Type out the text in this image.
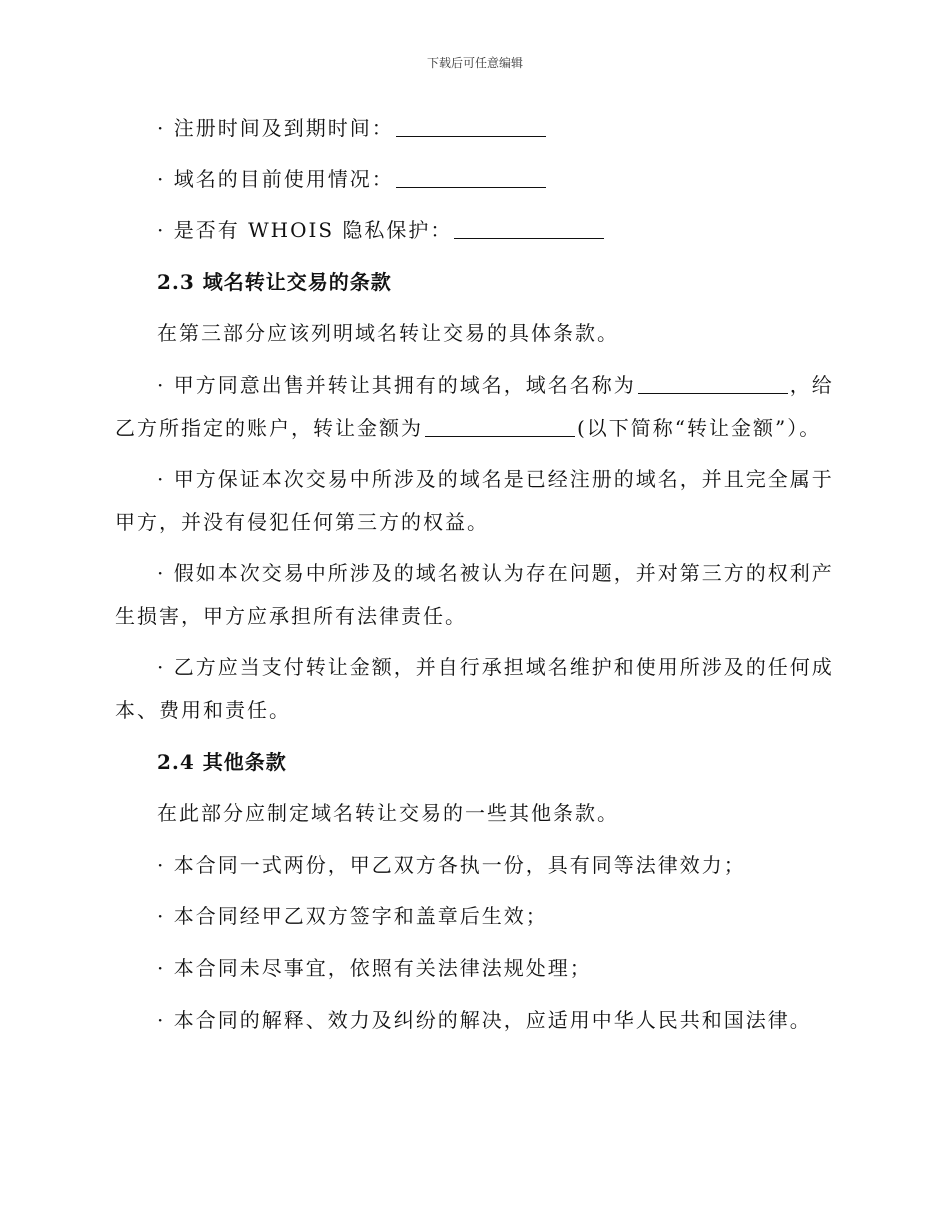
下载后可任意编辑
· 注册时间及到期时间：
· 域名的目前使用情况：
· 是否有 WHOIS 隐私保护：
2.3 域名转让交易的条款
在第三部分应该列明域名转让交易的具体条款。
· 甲方同意出售并转让其拥有的域名，域名名称为	，给
乙方所指定的账户，转让金额为	(以下简称“转让金额”）。
· 甲方保证本次交易中所涉及的域名是已经注册的域名，并且完全属于
甲方，并没有侵犯任何第三方的权益。
· 假如本次交易中所涉及的域名被认为存在问题，并对第三方的权利产
生损害，甲方应承担所有法律责任。
· 乙方应当支付转让金额，并自行承担域名维护和使用所涉及的任何成
本、费用和责任。
2.4 其他条款
在此部分应制定域名转让交易的一些其他条款。
· 本合同一式两份，甲乙双方各执一份，具有同等法律效力；
· 本合同经甲乙双方签字和盖章后生效；
· 本合同未尽事宜，依照有关法律法规处理；
· 本合同的解释、效力及纠纷的解决，应适用中华人民共和国法律。
